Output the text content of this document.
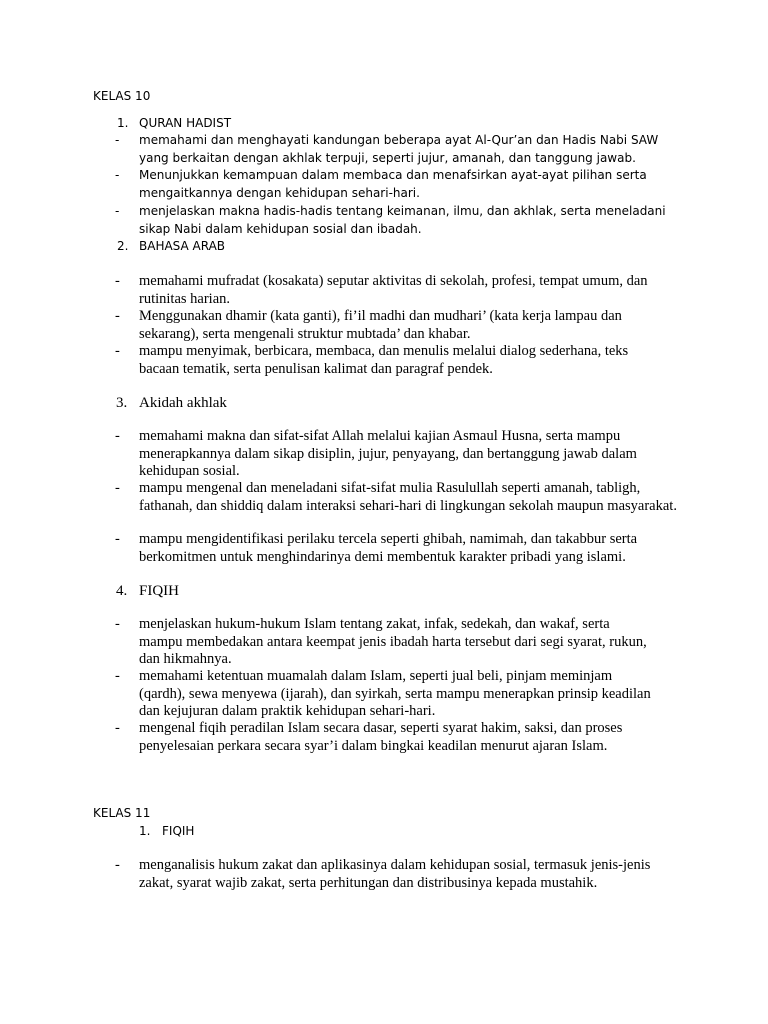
KELAS 10
1. QURAN HADIST
- memahami dan menghayati kandungan beberapa ayat Al-Qur’an dan Hadis Nabi SAW yang berkaitan dengan akhlak terpuji, seperti jujur, amanah, dan tanggung jawab.
- Menunjukkan kemampuan dalam membaca dan menafsirkan ayat-ayat pilihan serta mengaitkannya dengan kehidupan sehari-hari.
- menjelaskan makna hadis-hadis tentang keimanan, ilmu, dan akhlak, serta meneladani sikap Nabi dalam kehidupan sosial dan ibadah.
2. BAHASA ARAB
- memahami mufradat (kosakata) seputar aktivitas di sekolah, profesi, tempat umum, dan rutinitas harian.
- Menggunakan dhamir (kata ganti), fi’il madhi dan mudhari’ (kata kerja lampau dan sekarang), serta mengenali struktur mubtada’ dan khabar.
- mampu menyimak, berbicara, membaca, dan menulis melalui dialog sederhana, teks bacaan tematik, serta penulisan kalimat dan paragraf pendek.
3. Akidah akhlak
- memahami makna dan sifat-sifat Allah melalui kajian Asmaul Husna, serta mampu menerapkannya dalam sikap disiplin, jujur, penyayang, dan bertanggung jawab dalam kehidupan sosial.
- mampu mengenal dan meneladani sifat-sifat mulia Rasulullah seperti amanah, tabligh, fathanah, dan shiddiq dalam interaksi sehari-hari di lingkungan sekolah maupun masyarakat.
- mampu mengidentifikasi perilaku tercela seperti ghibah, namimah, dan takabbur serta berkomitmen untuk menghindarinya demi membentuk karakter pribadi yang islami.
4. FIQIH
- menjelaskan hukum-hukum Islam tentang zakat, infak, sedekah, dan wakaf, serta mampu membedakan antara keempat jenis ibadah harta tersebut dari segi syarat, rukun, dan hikmahnya.
- memahami ketentuan muamalah dalam Islam, seperti jual beli, pinjam meminjam (qardh), sewa menyewa (ijarah), dan syirkah, serta mampu menerapkan prinsip keadilan dan kejujuran dalam praktik kehidupan sehari-hari.
- mengenal fiqih peradilan Islam secara dasar, seperti syarat hakim, saksi, dan proses penyelesaian perkara secara syar’i dalam bingkai keadilan menurut ajaran Islam.
KELAS 11
1. FIQIH
- menganalisis hukum zakat dan aplikasinya dalam kehidupan sosial, termasuk jenis-jenis zakat, syarat wajib zakat, serta perhitungan dan distribusinya kepada mustahik.
